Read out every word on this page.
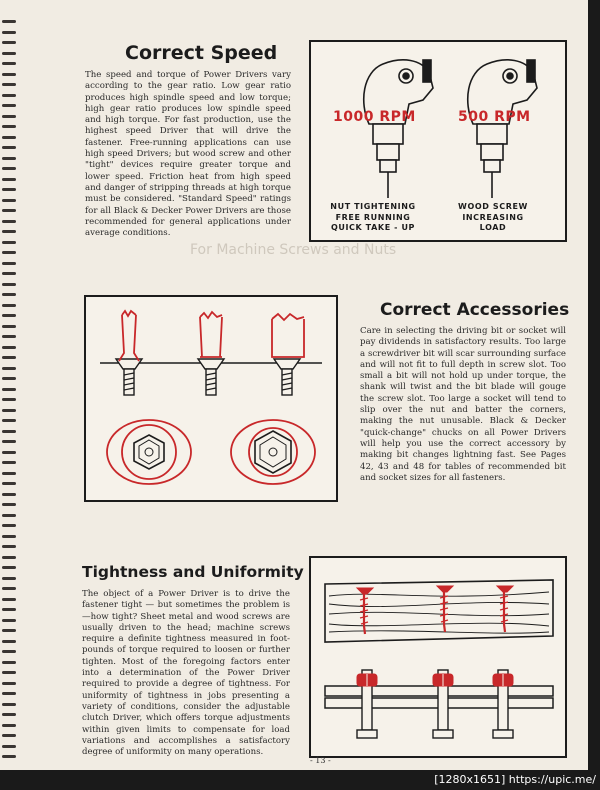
For Machine Screws and Nuts
Correct Speed

The speed and torque of Power Drivers vary according to the gear ratio. Low gear ratio produces high spindle speed and low torque; high gear ratio produces low spindle speed and high torque. For fast production, use the highest speed Driver that will drive the fastener. Free-running applications can use high speed Drivers; but wood screw and other "tight" devices require greater torque and lower speed. Friction heat from high speed and danger of stripping threads at high torque must be considered. "Standard Speed" ratings for all Black & Decker Power Drivers are those recommended for general applications under average conditions.

1000 RPM	500 RPM
NUT TIGHTENING
FREE RUNNING
QUICK TAKE - UP
WOOD SCREW
INCREASING
LOAD
Correct Accessories

Care in selecting the driving bit or socket will pay dividends in satisfactory results. Too large a screwdriver bit will scar surrounding surface and will not fit to full depth in screw slot. Too small a bit will not hold up under torque, the shank will twist and the bit blade will gouge the screw slot. Too large a socket will tend to slip over the nut and batter the corners, making the nut unusable. Black & Decker "quick-change" chucks on all Power Drivers will help you use the correct accessory by making bit changes lightning fast. See Pages 42, 43 and 48 for tables of recommended bit and socket sizes for all fasteners.

Tightness and Uniformity

The object of a Power Driver is to drive the fastener tight — but sometimes the problem is—how tight? Sheet metal and wood screws are usually driven to the head; machine screws require a definite tightness measured in foot-pounds of torque required to loosen or further tighten. Most of the foregoing factors enter into a determination of the Power Driver required to provide a degree of tightness. For uniformity of tightness in jobs presenting a variety of conditions, consider the adjustable clutch Driver, which offers torque adjustments within given limits to compensate for load variations and accomplishes a satisfactory degree of uniformity on many operations.

- 13 -
[1280x1651] https://upic.me/
